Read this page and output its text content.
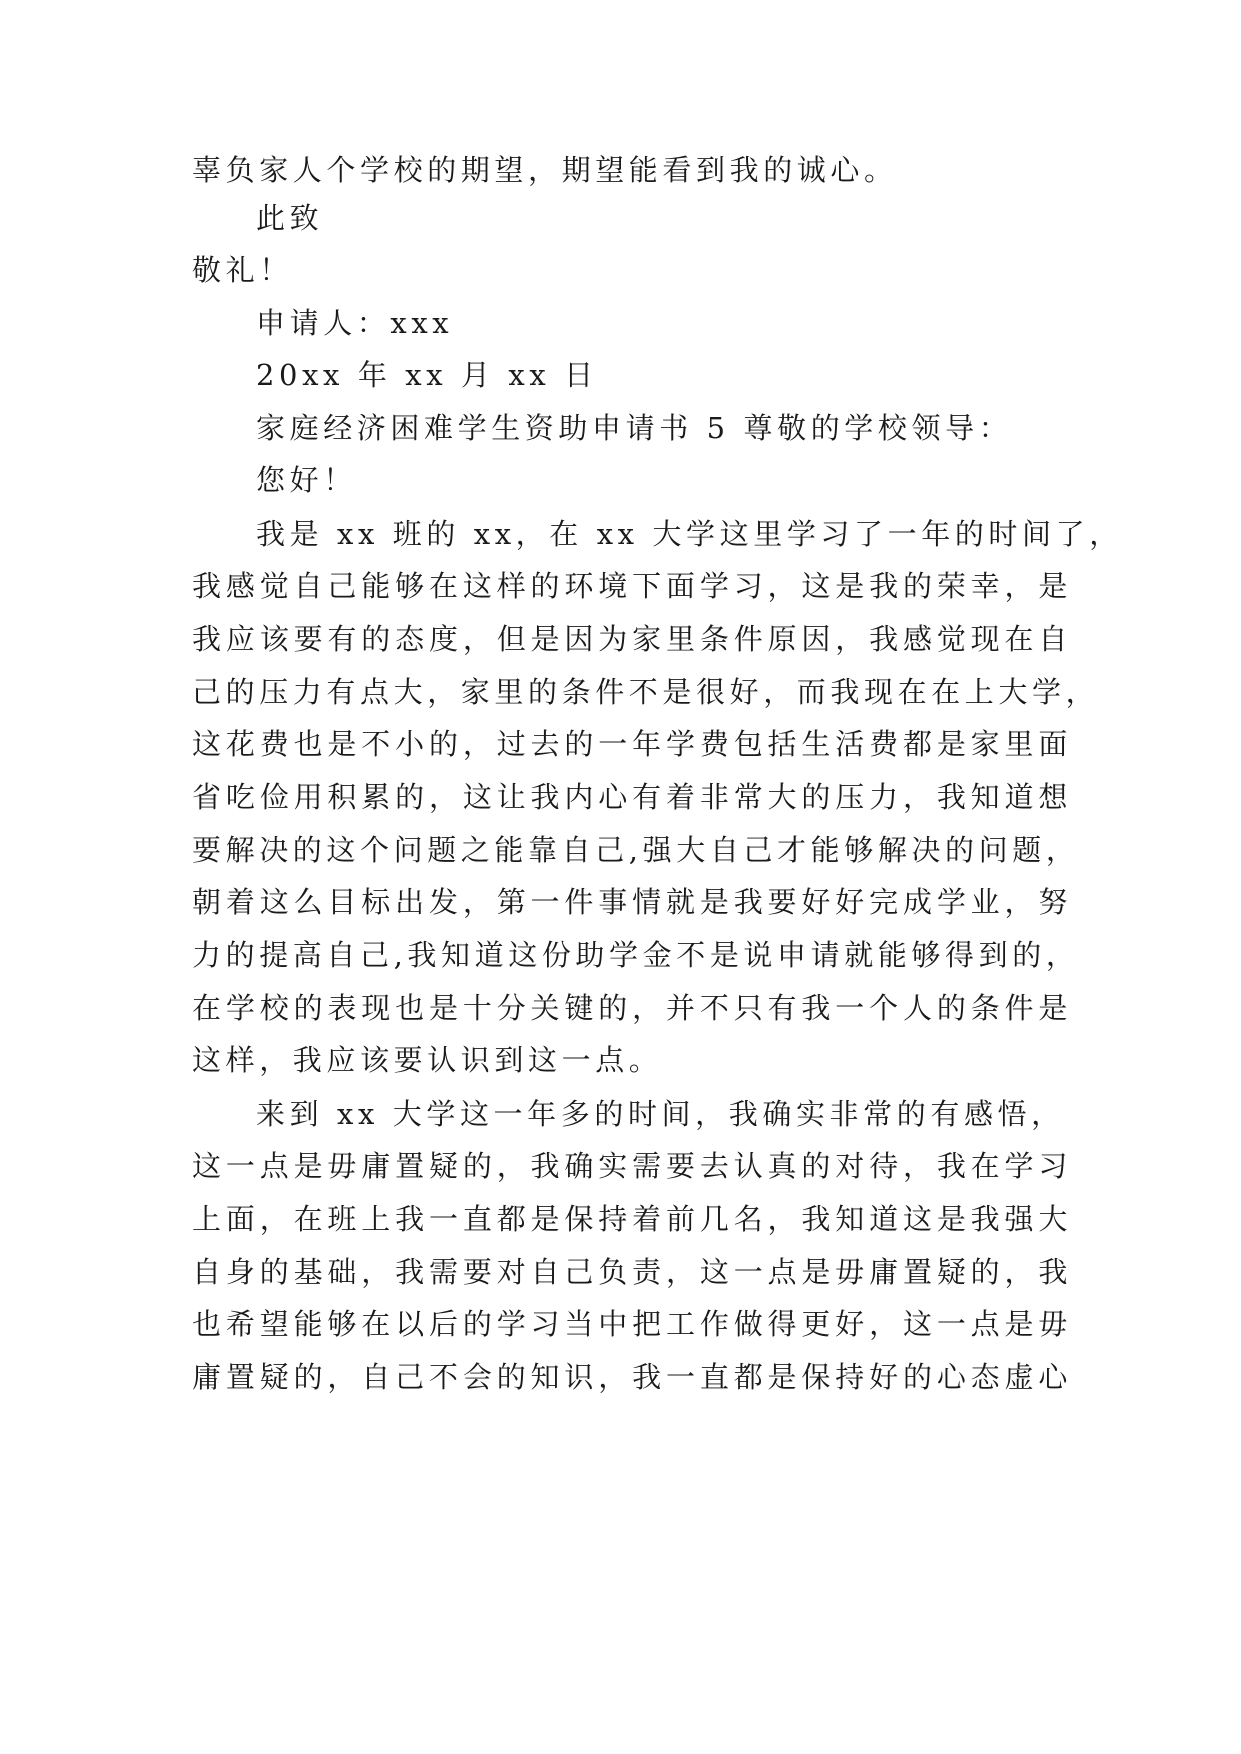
辜负家人个学校的期望，期望能看到我的诚心。
此致
敬礼！
申请人：xxx
20xx 年 xx 月 xx 日
家庭经济困难学生资助申请书 5 尊敬的学校领导：
您好！
我是 xx 班的 xx，在 xx 大学这里学习了一年的时间了，
我感觉自己能够在这样的环境下面学习，这是我的荣幸，是
我应该要有的态度，但是因为家里条件原因，我感觉现在自
己的压力有点大，家里的条件不是很好，而我现在在上大学，
这花费也是不小的，过去的一年学费包括生活费都是家里面
省吃俭用积累的，这让我内心有着非常大的压力，我知道想
要解决的这个问题之能靠自己,强大自己才能够解决的问题，
朝着这么目标出发，第一件事情就是我要好好完成学业，努
力的提高自己,我知道这份助学金不是说申请就能够得到的，
在学校的表现也是十分关键的，并不只有我一个人的条件是
这样，我应该要认识到这一点。
来到 xx 大学这一年多的时间，我确实非常的有感悟，
这一点是毋庸置疑的，我确实需要去认真的对待，我在学习
上面，在班上我一直都是保持着前几名，我知道这是我强大
自身的基础，我需要对自己负责，这一点是毋庸置疑的，我
也希望能够在以后的学习当中把工作做得更好，这一点是毋
庸置疑的，自己不会的知识，我一直都是保持好的心态虚心
